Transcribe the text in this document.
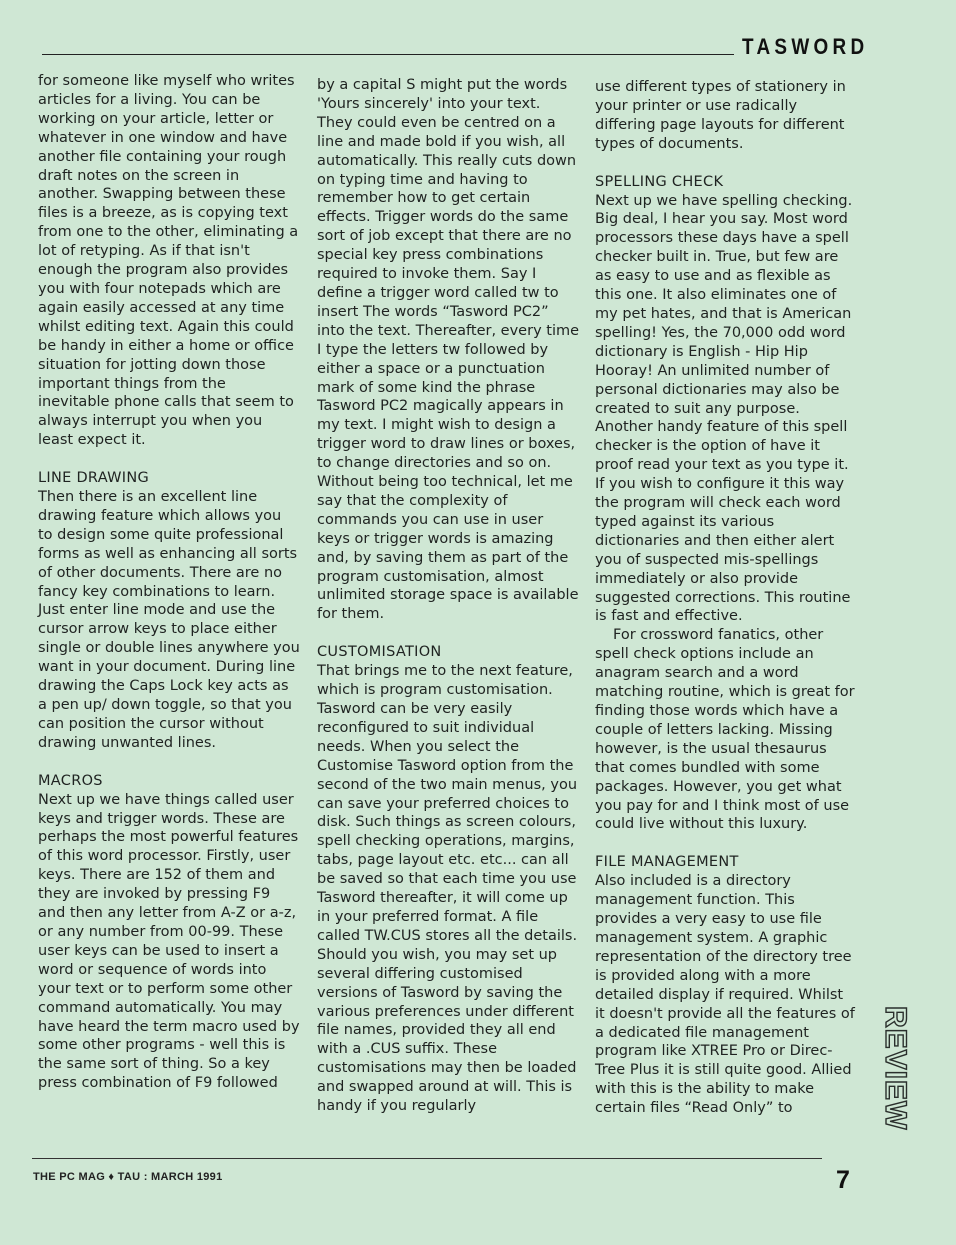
TASWORD

for someone like myself who writes articles for a living. You can be working on your article, letter or whatever in one window and have another file containing your rough draft notes on the screen in another. Swapping between these files is a breeze, as is copying text from one to the other, eliminating a lot of retyping. As if that isn't enough the program also provides you with four notepads which are again easily accessed at any time whilst editing text. Again this could be handy in either a home or office situation for jotting down those important things from the inevitable phone calls that seem to always interrupt you when you least expect it.

LINE DRAWING

Then there is an excellent line drawing feature which allows you to design some quite professional forms as well as enhancing all sorts of other documents. There are no fancy key combinations to learn. Just enter line mode and use the cursor arrow keys to place either single or double lines anywhere you want in your document. During line drawing the Caps Lock key acts as a pen up/ down toggle, so that you can position the cursor without drawing unwanted lines.

MACROS

Next up we have things called user keys and trigger words. These are perhaps the most powerful features of this word processor. Firstly, user keys. There are 152 of them and they are invoked by pressing F9 and then any letter from A-Z or a-z, or any number from 00-99. These user keys can be used to insert a word or sequence of words into your text or to perform some other command automatically. You may have heard the term macro used by some other programs - well this is the same sort of thing. So a key press combination of F9 followed

by a capital S might put the words 'Yours sincerely' into your text. They could even be centred on a line and made bold if you wish, all automatically. This really cuts down on typing time and having to remember how to get certain effects. Trigger words do the same sort of job except that there are no special key press combinations required to invoke them. Say I define a trigger word called tw to insert The words “Tasword PC2” into the text. Thereafter, every time I type the letters tw followed by either a space or a punctuation mark of some kind the phrase Tasword PC2 magically appears in my text. I might wish to design a trigger word to draw lines or boxes, to change directories and so on. Without being too technical, let me say that the complexity of commands you can use in user keys or trigger words is amazing and, by saving them as part of the program customisation, almost unlimited storage space is available for them.

CUSTOMISATION

That brings me to the next feature, which is program customisation. Tasword can be very easily reconfigured to suit individual needs. When you select the Customise Tasword option from the second of the two main menus, you can save your preferred choices to disk. Such things as screen colours, spell checking operations, margins, tabs, page layout etc. etc... can all be saved so that each time you use Tasword thereafter, it will come up in your preferred format. A file called TW.CUS stores all the details. Should you wish, you may set up several differing customised versions of Tasword by saving the various preferences under different file names, provided they all end with a .CUS suffix. These customisations may then be loaded and swapped around at will. This is handy if you regularly

use different types of stationery in your printer or use radically differing page layouts for different types of documents.

SPELLING CHECK

Next up we have spelling checking. Big deal, I hear you say. Most word processors these days have a spell checker built in. True, but few are as easy to use and as flexible as this one. It also eliminates one of my pet hates, and that is American spelling! Yes, the 70,000 odd word dictionary is English - Hip Hip Hooray! An unlimited number of personal dictionaries may also be created to suit any purpose. Another handy feature of this spell checker is the option of have it proof read your text as you type it. If you wish to configure it this way the program will check each word typed against its various dictionaries and then either alert you of suspected mis-spellings immediately or also provide suggested corrections. This routine is fast and effective.

For crossword fanatics, other spell check options include an anagram search and a word matching routine, which is great for finding those words which have a couple of letters lacking. Missing however, is the usual thesaurus that comes bundled with some packages. However, you get what you pay for and I think most of use could live without this luxury.

FILE MANAGEMENT

Also included is a directory management function. This provides a very easy to use file management system. A graphic representation of the directory tree is provided along with a more detailed display if required. Whilst it doesn't provide all the features of a dedicated file management program like XTREE Pro or Direc-Tree Plus it is still quite good. Allied with this is the ability to make certain files “Read Only” to	REVIEW
THE PC MAG ♦ TAU : MARCH 1991	7
